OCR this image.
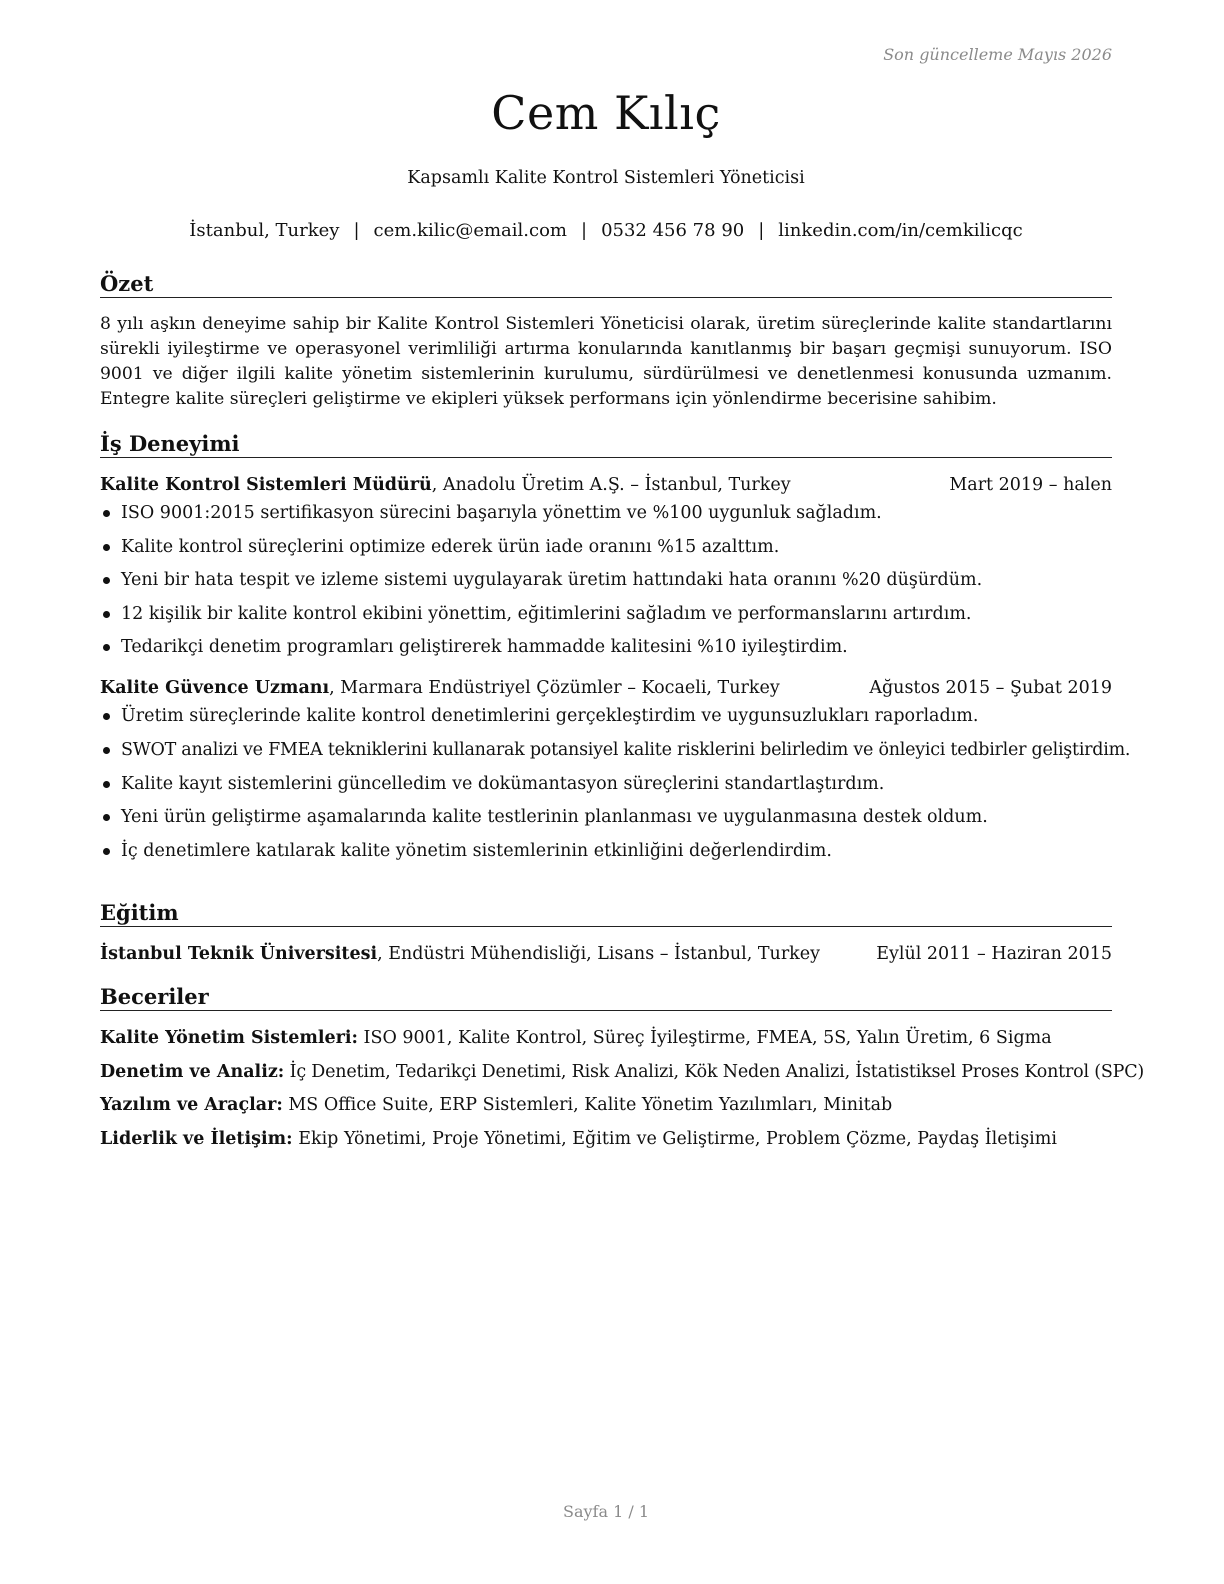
Son güncelleme Mayıs 2026
Cem Kılıç
Kapsamlı Kalite Kontrol Sistemleri Yöneticisi
İstanbul, Turkey | cem.kilic@email.com | 0532 456 78 90 | linkedin.com/in/cemkilicqc
Özet
8 yılı aşkın deneyime sahip bir Kalite Kontrol Sistemleri Yöneticisi olarak, üretim süreçlerinde kalite standartlarını sürekli iyileştirme ve operasyonel verimliliği artırma konularında kanıtlanmış bir başarı geçmişi sunuyorum. ISO 9001 ve diğer ilgili kalite yönetim sistemlerinin kurulumu, sürdürülmesi ve denetlenmesi konusunda uzmanım. Entegre kalite süreçleri geliştirme ve ekipleri yüksek performans için yönlendirme becerisine sahibim.
İş Deneyimi
Kalite Kontrol Sistemleri Müdürü, Anadolu Üretim A.Ş. – İstanbul, Turkey	Mart 2019 – halen
ISO 9001:2015 sertifikasyon sürecini başarıyla yönettim ve %100 uygunluk sağladım.
Kalite kontrol süreçlerini optimize ederek ürün iade oranını %15 azalttım.
Yeni bir hata tespit ve izleme sistemi uygulayarak üretim hattındaki hata oranını %20 düşürdüm.
12 kişilik bir kalite kontrol ekibini yönettim, eğitimlerini sağladım ve performanslarını artırdım.
Tedarikçi denetim programları geliştirerek hammadde kalitesini %10 iyileştirdim.
Kalite Güvence Uzmanı, Marmara Endüstriyel Çözümler – Kocaeli, Turkey	Ağustos 2015 – Şubat 2019
Üretim süreçlerinde kalite kontrol denetimlerini gerçekleştirdim ve uygunsuzlukları raporladım.
SWOT analizi ve FMEA tekniklerini kullanarak potansiyel kalite risklerini belirledim ve önleyici tedbirler geliştirdim.
Kalite kayıt sistemlerini güncelledim ve dokümantasyon süreçlerini standartlaştırdım.
Yeni ürün geliştirme aşamalarında kalite testlerinin planlanması ve uygulanmasına destek oldum.
İç denetimlere katılarak kalite yönetim sistemlerinin etkinliğini değerlendirdim.
Eğitim
İstanbul Teknik Üniversitesi, Endüstri Mühendisliği, Lisans – İstanbul, Turkey	Eylül 2011 – Haziran 2015
Beceriler
Kalite Yönetim Sistemleri: ISO 9001, Kalite Kontrol, Süreç İyileştirme, FMEA, 5S, Yalın Üretim, 6 Sigma
Denetim ve Analiz: İç Denetim, Tedarikçi Denetimi, Risk Analizi, Kök Neden Analizi, İstatistiksel Proses Kontrol (SPC)
Yazılım ve Araçlar: MS Office Suite, ERP Sistemleri, Kalite Yönetim Yazılımları, Minitab
Liderlik ve İletişim: Ekip Yönetimi, Proje Yönetimi, Eğitim ve Geliştirme, Problem Çözme, Paydaş İletişimi
Sayfa 1 / 1
